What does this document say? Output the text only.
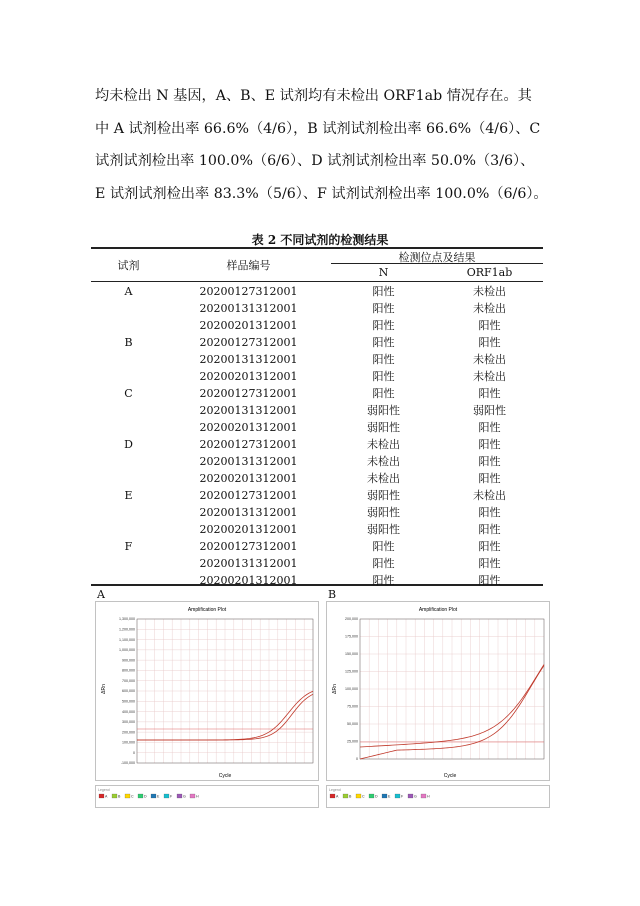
均未检出 N 基因，A、B、E 试剂均有未检出 ORF1ab 情况存在。其

中 A 试剂检出率 66.6%（4/6），B 试剂试剂检出率 66.6%（4/6）、C

试剂试剂检出率 100.0%（6/6）、D 试剂试剂检出率 50.0%（3/6）、

E 试剂试剂检出率 83.3%（5/6）、F 试剂试剂检出率 100.0%（6/6）。

表 2 不同试剂的检测结果
试剂	样品编号
检测位点及结果
N	ORF1ab
A	20200127312001	阳性	未检出
20200131312001	阳性	未检出
20200201312001	阳性	阳性
B	20200127312001	阳性	阳性
20200131312001	阳性	未检出
20200201312001	阳性	未检出
C	20200127312001	阳性	阳性
20200131312001	弱阳性	弱阳性
20200201312001	弱阳性	阳性
D	20200127312001	未检出	阳性
20200131312001	未检出	阳性
20200201312001	未检出	阳性
E	20200127312001	弱阳性	未检出
20200131312001	弱阳性	阳性
20200201312001	弱阳性	阳性
F	20200127312001	阳性	阳性
20200131312001	阳性	阳性
20200201312001	阳性	阳性
A	B
Amplification Plot
ΔRn
Cycle
1,300,000
1,200,000
1,100,000
1,000,000
900,000
800,000
700,000
600,000
500,000
400,000
300,000
200,000
100,000
0
-100,000
Legend
A	B	C	D	E	F	G	H
Amplification Plot
ΔRn
Cycle
200,000
175,000
150,000
125,000
100,000
75,000
50,000
25,000
0
Legend
A	B	C	D	E	F	G	H
